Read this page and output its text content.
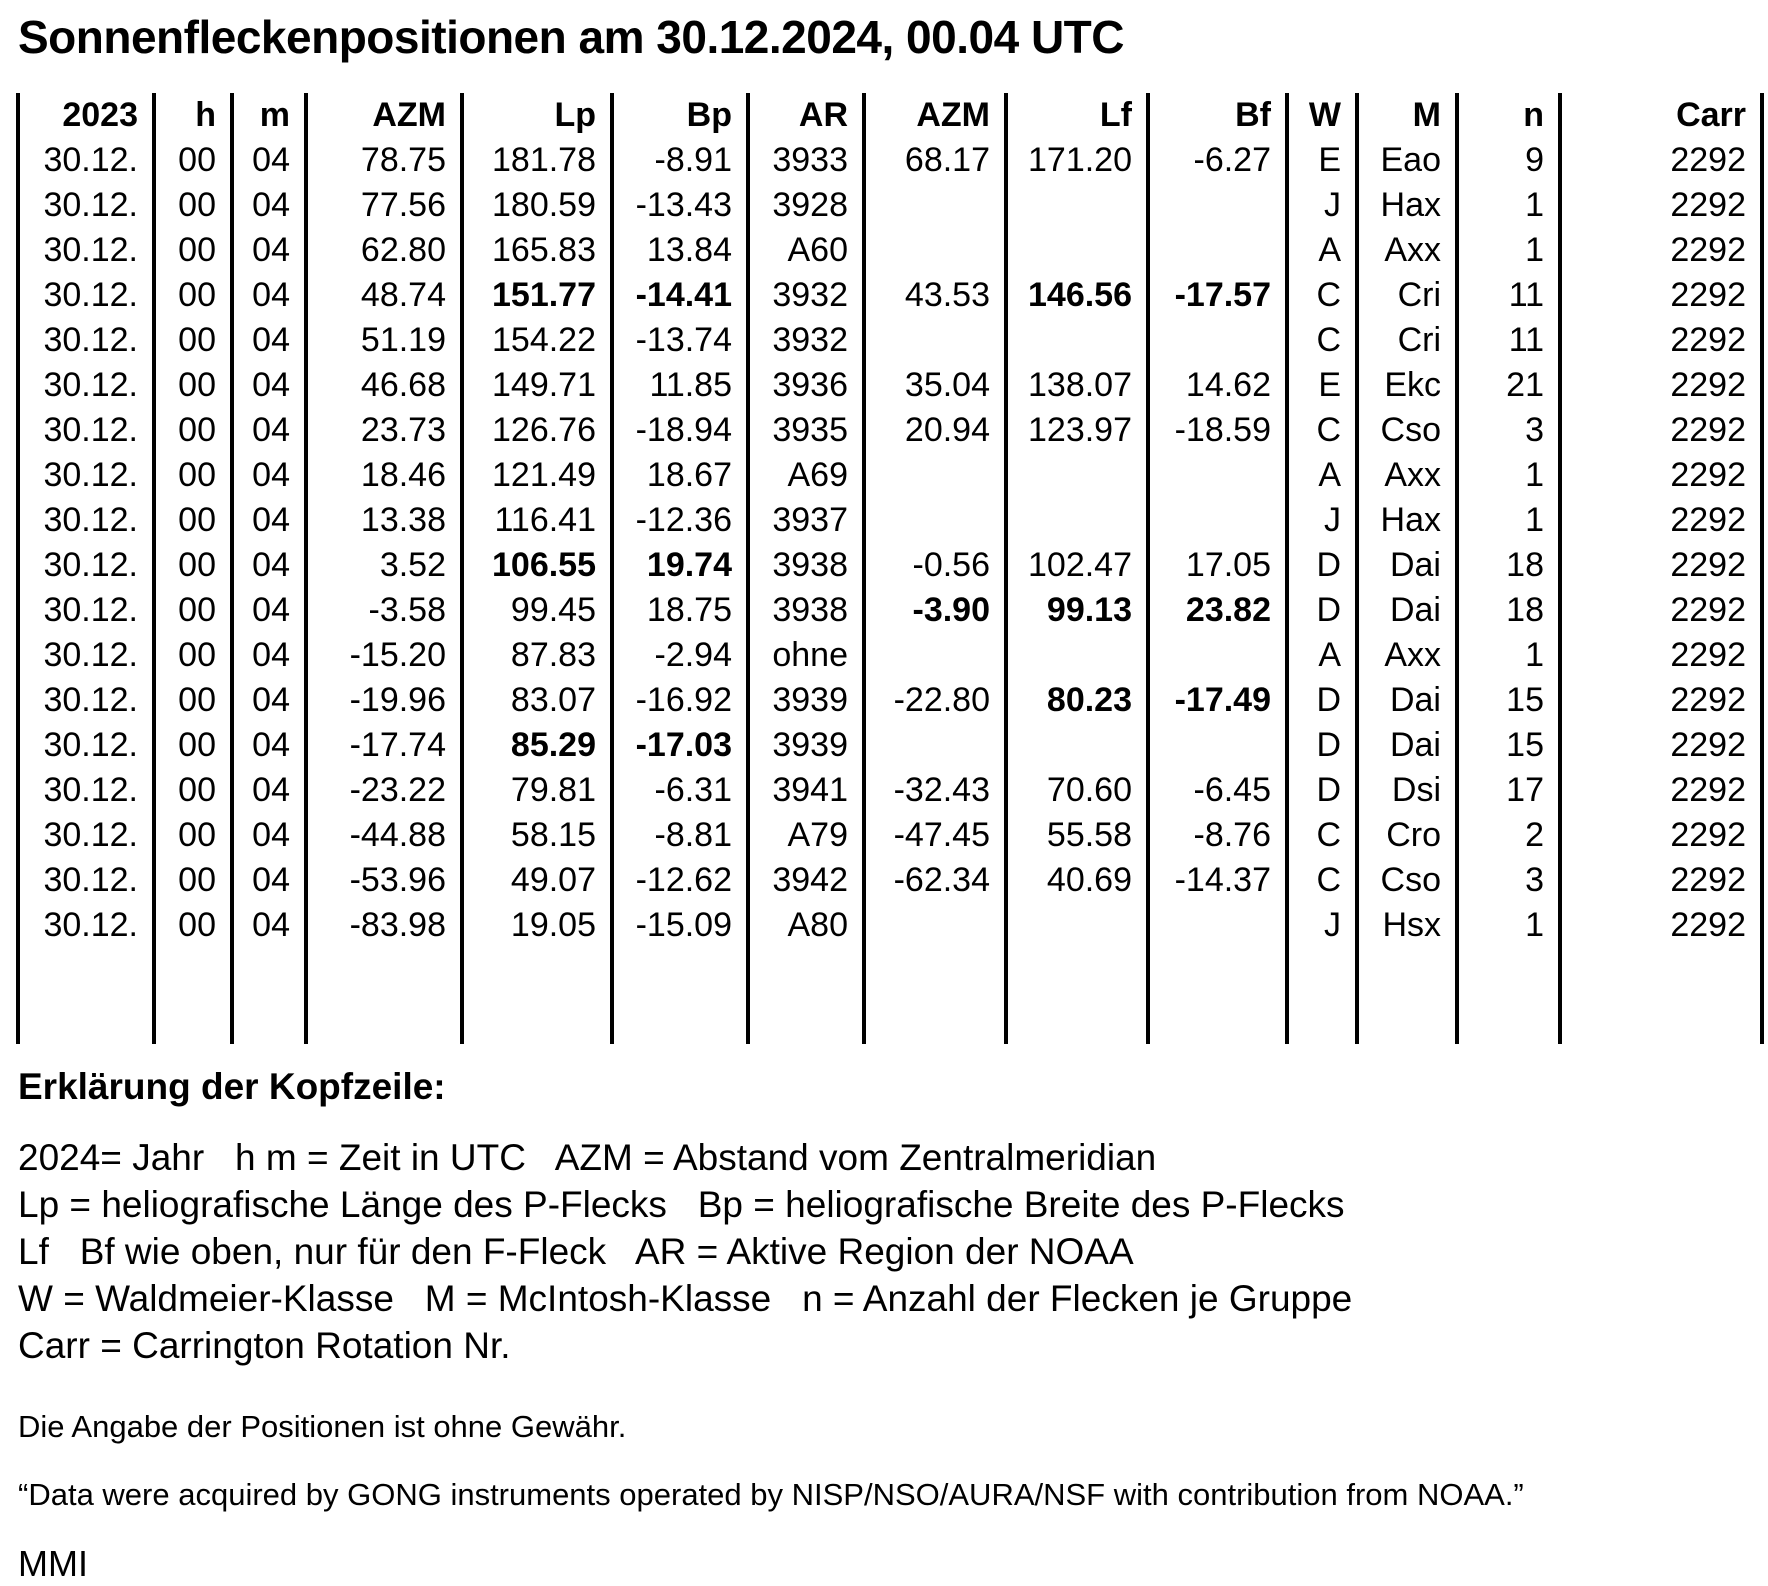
Sonnenfleckenpositionen am 30.12.2024, 00.04 UTC
2023	h	m	AZM	Lp	Bp	AR	AZM	Lf	Bf	W	M	n	Carr
30.12.	00	04	78.75	181.78	-8.91	3933	68.17	171.20	-6.27	E	Eao	9	2292
30.12.	00	04	77.56	180.59	-13.43	3928				J	Hax	1	2292
30.12.	00	04	62.80	165.83	13.84	A60				A	Axx	1	2292
30.12.	00	04	48.74	151.77	-14.41	3932	43.53	146.56	-17.57	C	Cri	11	2292
30.12.	00	04	51.19	154.22	-13.74	3932				C	Cri	11	2292
30.12.	00	04	46.68	149.71	11.85	3936	35.04	138.07	14.62	E	Ekc	21	2292
30.12.	00	04	23.73	126.76	-18.94	3935	20.94	123.97	-18.59	C	Cso	3	2292
30.12.	00	04	18.46	121.49	18.67	A69				A	Axx	1	2292
30.12.	00	04	13.38	116.41	-12.36	3937				J	Hax	1	2292
30.12.	00	04	3.52	106.55	19.74	3938	-0.56	102.47	17.05	D	Dai	18	2292
30.12.	00	04	-3.58	99.45	18.75	3938	-3.90	99.13	23.82	D	Dai	18	2292
30.12.	00	04	-15.20	87.83	-2.94	ohne				A	Axx	1	2292
30.12.	00	04	-19.96	83.07	-16.92	3939	-22.80	80.23	-17.49	D	Dai	15	2292
30.12.	00	04	-17.74	85.29	-17.03	3939				D	Dai	15	2292
30.12.	00	04	-23.22	79.81	-6.31	3941	-32.43	70.60	-6.45	D	Dsi	17	2292
30.12.	00	04	-44.88	58.15	-8.81	A79	-47.45	55.58	-8.76	C	Cro	2	2292
30.12.	00	04	-53.96	49.07	-12.62	3942	-62.34	40.69	-14.37	C	Cso	3	2292
30.12.	00	04	-83.98	19.05	-15.09	A80				J	Hsx	1	2292

Erklärung der Kopfzeile:

2024= Jahr   h m = Zeit in UTC   AZM = Abstand vom Zentralmeridian

Lp = heliografische Länge des P-Flecks   Bp = heliografische Breite des P-Flecks

Lf   Bf wie oben, nur für den F-Fleck   AR = Aktive Region der NOAA

W = Waldmeier-Klasse   M = McIntosh-Klasse   n = Anzahl der Flecken je Gruppe

Carr = Carrington Rotation Nr.

Die Angabe der Positionen ist ohne Gewähr.

“Data were acquired by GONG instruments operated by NISP/NSO/AURA/NSF with contribution from NOAA.”

MMI
